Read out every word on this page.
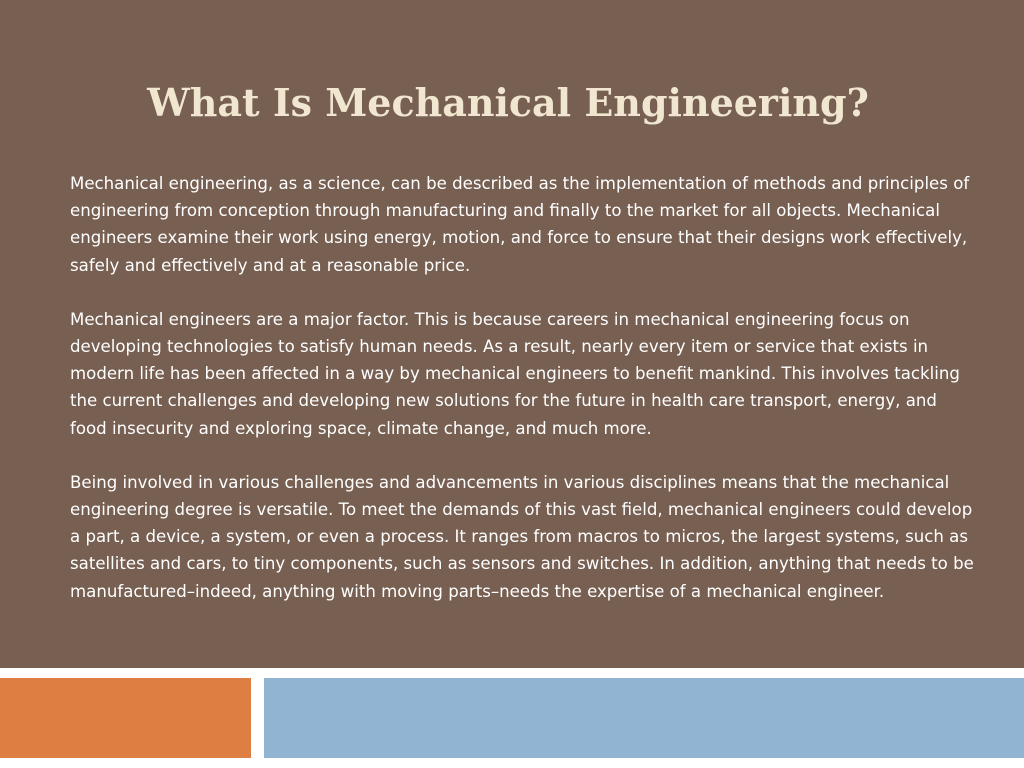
What Is Mechanical Engineering?

Mechanical engineering, as a science, can be described as the implementation of methods and principles of engineering from conception through manufacturing and finally to the market for all objects. Mechanical engineers examine their work using energy, motion, and force to ensure that their designs work effectively, safely and effectively and at a reasonable price.

Mechanical engineers are a major factor. This is because careers in mechanical engineering focus on developing technologies to satisfy human needs. As a result, nearly every item or service that exists in modern life has been affected in a way by mechanical engineers to benefit mankind. This involves tackling the current challenges and developing new solutions for the future in health care transport, energy, and food insecurity and exploring space, climate change, and much more.

Being involved in various challenges and advancements in various disciplines means that the mechanical engineering degree is versatile. To meet the demands of this vast field, mechanical engineers could develop a part, a device, a system, or even a process. It ranges from macros to micros, the largest systems, such as satellites and cars, to tiny components, such as sensors and switches. In addition, anything that needs to be manufactured–indeed, anything with moving parts–needs the expertise of a mechanical engineer.
